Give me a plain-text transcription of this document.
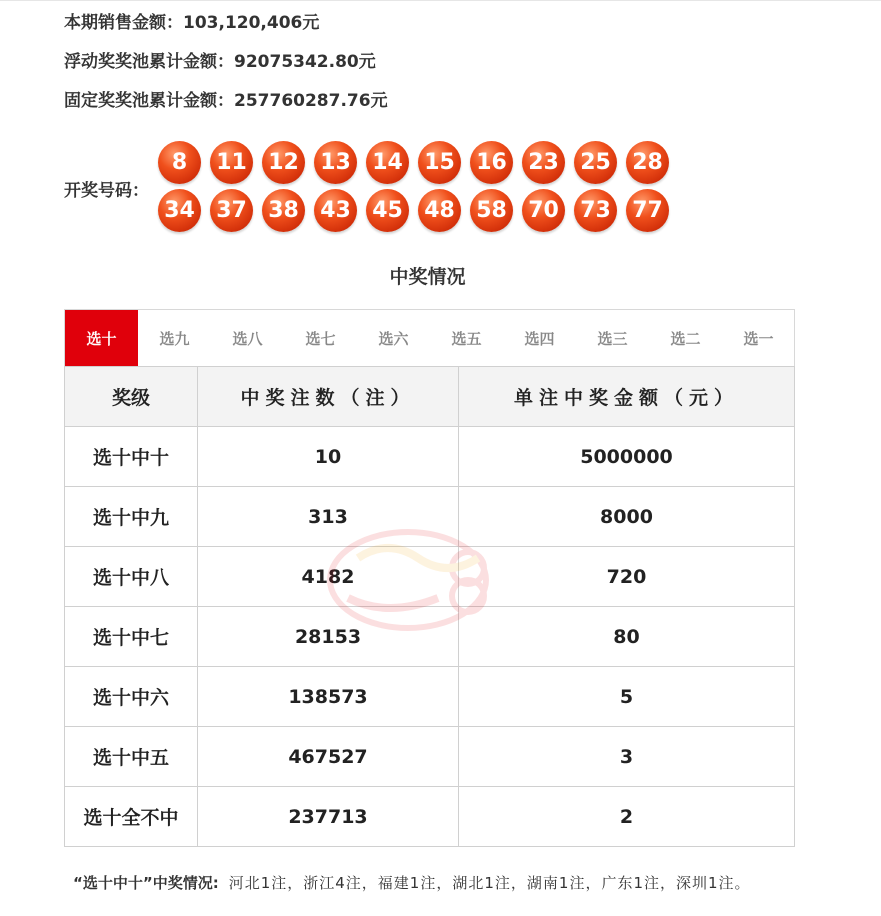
本期销售金额：103,120,406元
浮动奖奖池累计金额：92075342.80元
固定奖奖池累计金额：257760287.76元
开奖号码：
8	11 12 13 14 15 16 23 25 28
34 37 38 43 45 48 58 70 73 77
中奖情况
选十	选九	选八	选七	选六	选五	选四	选三	选二	选一
奖级	中奖注数（注）	单注中奖金额（元）
选十中十	10	5000000
选十中九	313	8000
选十中八	4182	720
选十中七	28153	80
选十中六	138573	5
选十中五	467527	3
选十全不中	237713	2
“选十中十”中奖情况: 河北1注，浙江4注，福建1注，湖北1注，湖南1注，广东1注，深圳1注。
